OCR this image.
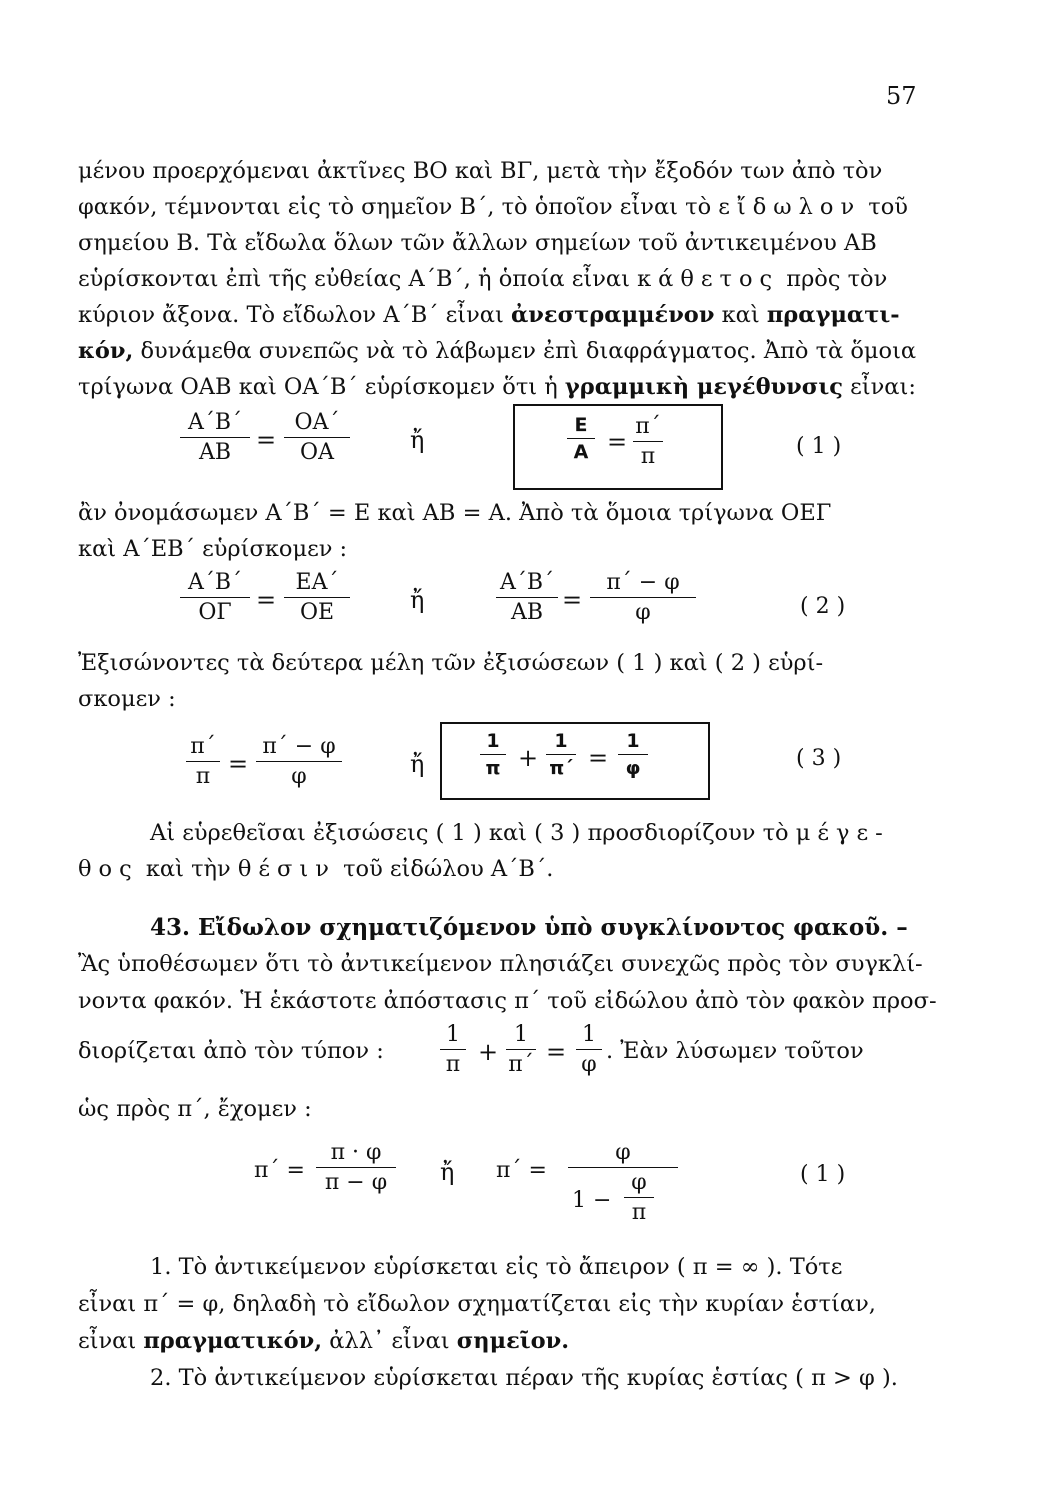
57
μένου προερχόμεναι ἀκτῖνες ΒΟ καὶ ΒΓ, μετὰ τὴν ἔξοδόν των ἀπὸ τὸν
φακόν, τέμνονται εἰς τὸ σημεῖον Β΄, τὸ ὁποῖον εἶναι τὸ εἴδωλον τοῦ
σημείου Β. Τὰ εἴδωλα ὅλων τῶν ἄλλων σημείων τοῦ ἀντικειμένου ΑΒ
εὑρίσκονται ἐπὶ τῆς εὐθείας Α΄Β΄, ἡ ὁποία εἶναι κάθετος πρὸς τὸν
κύριον ἄξονα. Τὸ εἴδωλον Α΄Β΄ εἶναι ἀνεστραμμένον καὶ πραγματι-
κόν, δυνάμεθα συνεπῶς νὰ τὸ λάβωμεν ἐπὶ διαφράγματος. Ἀπὸ τὰ ὅμοια
τρίγωνα ΟΑΒ καὶ ΟΑ΄Β΄ εὑρίσκομεν ὅτι ἡ γραμμικὴ μεγέθυνσις εἶναι:
$\frac{A΄B΄}{AB} = \frac{OA΄}{OA}$	ἤ	$\frac{E}{A} = \frac{\pi΄}{\pi}$	( 1 )
ἂν ὀνομάσωμεν Α΄Β΄ = Ε καὶ ΑΒ = Α. Ἀπὸ τὰ ὅμοια τρίγωνα ΟΕΓ
καὶ Α΄ΕΒ΄ εὑρίσκομεν :
$\frac{A΄B΄}{O\Gamma} = \frac{EA΄}{OE}$	ἤ	$\frac{A΄B΄}{AB} = \frac{\pi΄ - \varphi}{\varphi}$	( 2 )
Ἐξισώνοντες τὰ δεύτερα μέλη τῶν ἐξισώσεων ( 1 ) καὶ ( 2 ) εὑρί-
σκομεν :
$\frac{\pi΄}{\pi} = \frac{\pi΄ - \varphi}{\varphi}$	ἤ	$\frac{1}{\pi} + \frac{1}{\pi΄} = \frac{1}{\varphi}$	( 3 )
Αἱ εὑρεθεῖσαι ἐξισώσεις ( 1 ) καὶ ( 3 ) προσδιορίζουν τὸ μέγε-
θος καὶ τὴν θέσιν τοῦ εἰδώλου Α΄Β΄.
43. Εἴδωλον σχηματιζόμενον ὑπὸ συγκλίνοντος φακοῦ. –
Ἂς ὑποθέσωμεν ὅτι τὸ ἀντικείμενον πλησιάζει συνεχῶς πρὸς τὸν συγκλί-
νοντα φακόν. Ἡ ἑκάστοτε ἀπόστασις π΄ τοῦ εἰδώλου ἀπὸ τὸν φακὸν προσ-
διορίζεται ἀπὸ τὸν τύπον :	$\frac{1}{\pi} + \frac{1}{\pi΄} = \frac{1}{\varphi}$ . Ἐὰν λύσωμεν τοῦτον
ὡς πρὸς π΄, ἔχομεν :
$\pi΄ = \frac{\pi \cdot \varphi}{\pi - \varphi}$ ἤ $\pi΄ = \frac{\varphi}{1 - \frac{\varphi}{\pi}}$	( 1 )
1. Τὸ ἀντικείμενον εὑρίσκεται εἰς τὸ ἄπειρον ( π = ∞ ). Τότε
εἶναι π΄ = φ, δηλαδὴ τὸ εἴδωλον σχηματίζεται εἰς τὴν κυρίαν ἑστίαν,
εἶναι πραγματικόν, ἀλλ᾽ εἶναι σημεῖον.
2. Τὸ ἀντικείμενον εὑρίσκεται πέραν τῆς κυρίας ἑστίας ( π > φ ).
